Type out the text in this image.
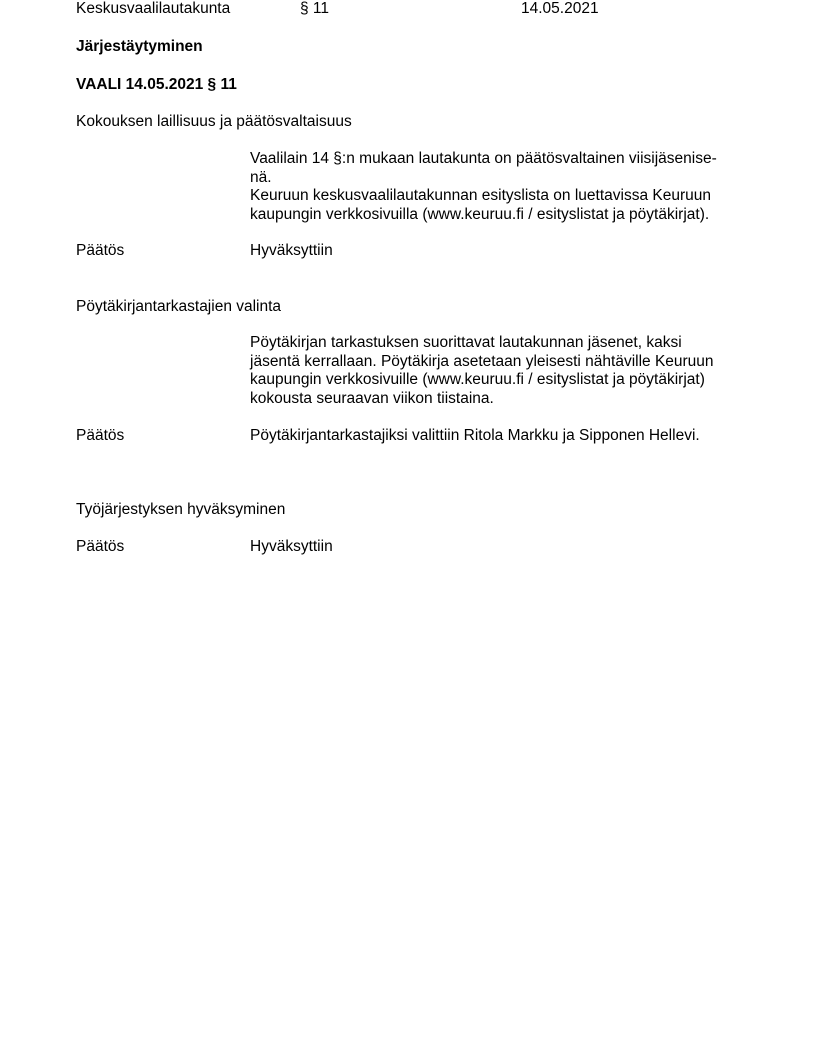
Keskusvaalilautakunta	§ 11	14.05.2021
Järjestäytyminen
VAALI 14.05.2021 § 11
Kokouksen laillisuus ja päätösvaltaisuus
Vaalilain 14 §:n mukaan lautakunta on päätösvaltainen viisijäsenise-
nä.
Keuruun keskusvaalilautakunnan esityslista on luettavissa Keuruun
kaupungin verkkosivuilla (www.keuruu.fi / esityslistat ja pöytäkirjat).
Päätös	Hyväksyttiin
Pöytäkirjantarkastajien valinta
Pöytäkirjan tarkastuksen suorittavat lautakunnan jäsenet, kaksi
jäsentä kerrallaan. Pöytäkirja asetetaan yleisesti nähtäville Keuruun
kaupungin verkkosivuille (www.keuruu.fi / esityslistat ja pöytäkirjat)
kokousta seuraavan viikon tiistaina.
Päätös	Pöytäkirjantarkastajiksi valittiin Ritola Markku ja Sipponen Hellevi.
Työjärjestyksen hyväksyminen
Päätös	Hyväksyttiin
